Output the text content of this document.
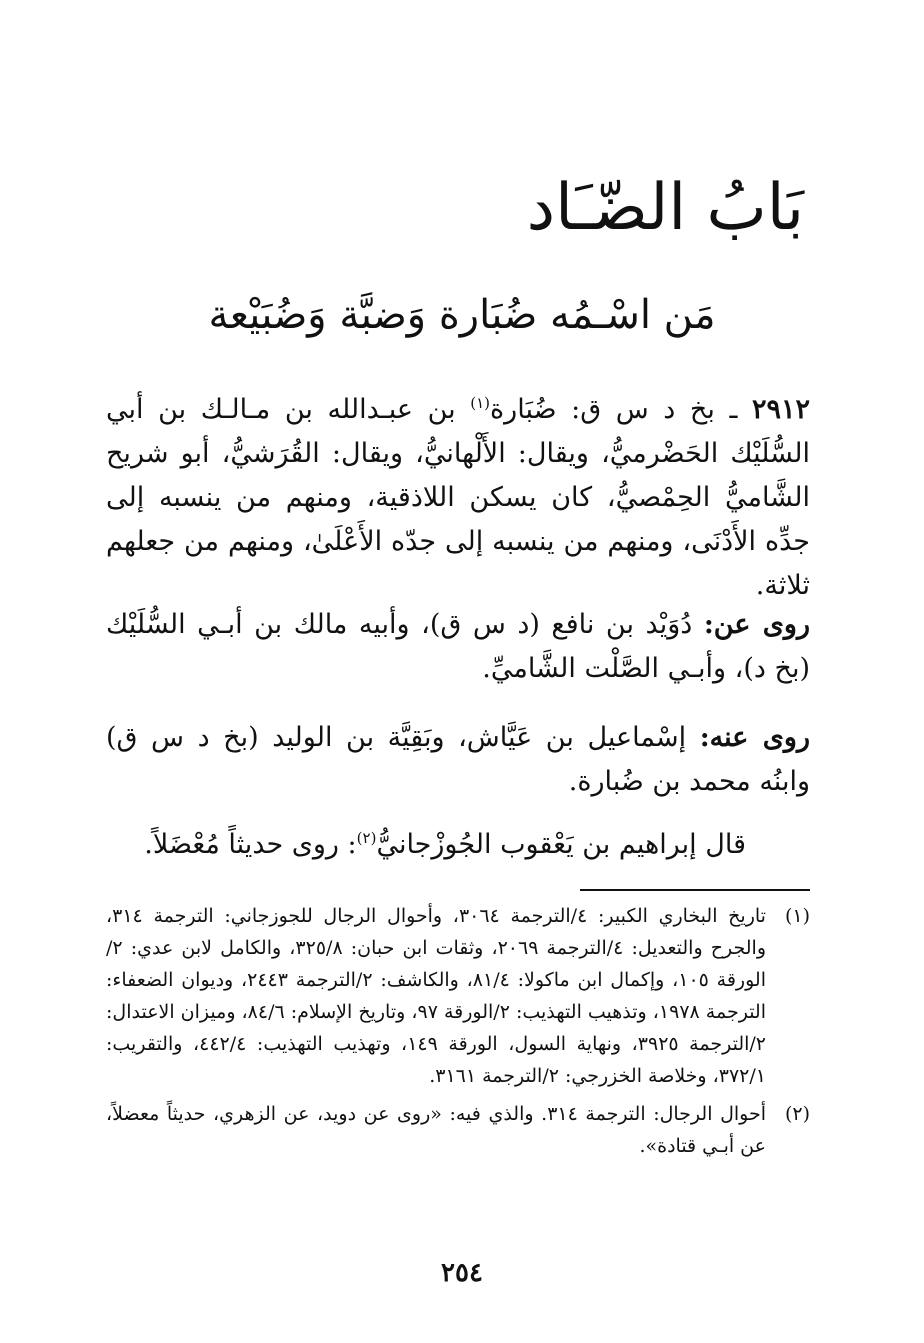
بَابُ الضّـَاد
مَن اسْـمُه ضُبَارة وَضبَّة وَضُبَيْعة

٢٩١٢ ـ بخ د س ق: ضُبَارة$^{(١)}$ بن عبـدالله بن مـالـك بن أبي السُّلَيْك الحَضْرميُّ، ويقال: الأَلْهانيُّ، ويقال: القُرَشيُّ، أبو شريح الشَّاميُّ الحِمْصيُّ، كان يسكن اللاذقية، ومنهم من ينسبه إلى جدِّه الأَدْنَى، ومنهم من ينسبه إلى جدّه الأَعْلَىٰ، ومنهم من جعلهم ثلاثة.

روى عن: دُوَيْد بن نافع (د س ق)، وأبيه مالك بن أبـي السُّلَيْك (بخ د)، وأبـي الصَّلْت الشَّاميِّ.

روى عنه: إسْماعيل بن عَيَّاش، وبَقِيَّة بن الوليد (بخ د س ق) وابنُه محمد بن ضُبارة.

قال إبراهيم بن يَعْقوب الجُوزْجانيُّ$^{(٢)}$: روى حديثاً مُعْضَلاً.

(١)
تاريخ البخاري الكبير: ٤/الترجمة ٣٠٦٤، وأحوال الرجال للجوزجاني: الترجمة ٣١٤، والجرح والتعديل: ٤/الترجمة ٢٠٦٩، وثقات ابن حبان: ٣٢٥/٨، والكامل لابن عدي: ٢/الورقة ١٠٥، وإكمال ابن ماكولا: ٨١/٤، والكاشف: ٢/الترجمة ٢٤٤٣، وديوان الضعفاء: الترجمة ١٩٧٨، وتذهيب التهذيب: ٢/الورقة ٩٧، وتاريخ الإسلام: ٨٤/٦، وميزان الاعتدال: ٢/الترجمة ٣٩٢٥، ونهاية السول، الورقة ١٤٩، وتهذيب التهذيب: ٤٤٢/٤، والتقريب: ٣٧٢/١، وخلاصة الخزرجي: ٢/الترجمة ٣١٦١.

(٢)
أحوال الرجال: الترجمة ٣١٤. والذي فيه: «روى عن دويد، عن الزهري، حديثاً معضلاً، عن أبـي قتادة».

٢٥٤
